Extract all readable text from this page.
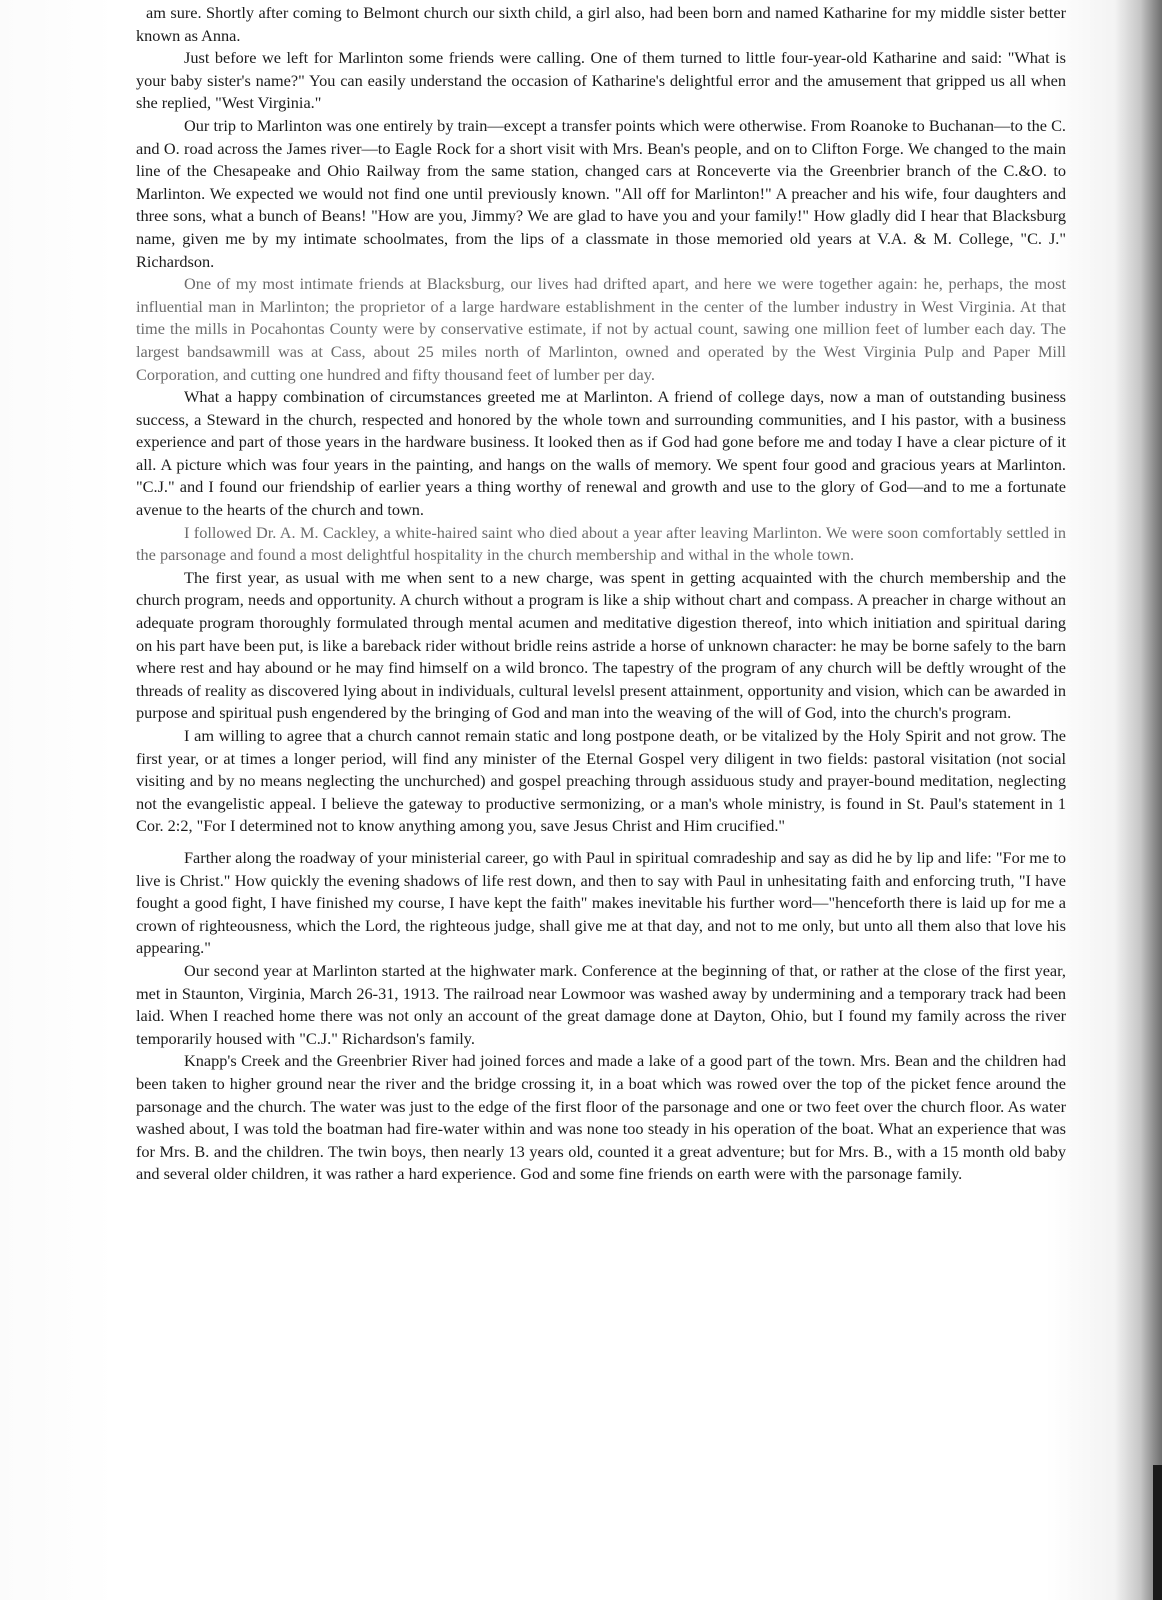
am sure. Shortly after coming to Belmont church our sixth child, a girl also, had been born and named Katharine for my middle sister better known as Anna.

Just before we left for Marlinton some friends were calling. One of them turned to little four-year-old Katharine and said: "What is your baby sister's name?" You can easily understand the occasion of Katharine's delightful error and the amusement that gripped us all when she replied, "West Virginia."

Our trip to Marlinton was one entirely by train—except a transfer points which were otherwise. From Roanoke to Buchanan—to the C. and O. road across the James river—to Eagle Rock for a short visit with Mrs. Bean's people, and on to Clifton Forge. We changed to the main line of the Chesapeake and Ohio Railway from the same station, changed cars at Ronceverte via the Greenbrier branch of the C.&O. to Marlinton. We expected we would not find one until previously known. "All off for Marlinton!" A preacher and his wife, four daughters and three sons, what a bunch of Beans! "How are you, Jimmy? We are glad to have you and your family!" How gladly did I hear that Blacksburg name, given me by my intimate schoolmates, from the lips of a classmate in those memoried old years at V.A. & M. College, "C. J." Richardson.

One of my most intimate friends at Blacksburg, our lives had drifted apart, and here we were together again: he, perhaps, the most influential man in Marlinton; the proprietor of a large hardware establishment in the center of the lumber industry in West Virginia. At that time the mills in Pocahontas County were by conservative estimate, if not by actual count, sawing one million feet of lumber each day. The largest bandsawmill was at Cass, about 25 miles north of Marlinton, owned and operated by the West Virginia Pulp and Paper Mill Corporation, and cutting one hundred and fifty thousand feet of lumber per day.

What a happy combination of circumstances greeted me at Marlinton. A friend of college days, now a man of outstanding business success, a Steward in the church, respected and honored by the whole town and surrounding communities, and I his pastor, with a business experience and part of those years in the hardware business. It looked then as if God had gone before me and today I have a clear picture of it all. A picture which was four years in the painting, and hangs on the walls of memory. We spent four good and gracious years at Marlinton. "C.J." and I found our friendship of earlier years a thing worthy of renewal and growth and use to the glory of God—and to me a fortunate avenue to the hearts of the church and town.

I followed Dr. A. M. Cackley, a white-haired saint who died about a year after leaving Marlinton. We were soon comfortably settled in the parsonage and found a most delightful hospitality in the church membership and withal in the whole town.

The first year, as usual with me when sent to a new charge, was spent in getting acquainted with the church membership and the church program, needs and opportunity. A church without a program is like a ship without chart and compass. A preacher in charge without an adequate program thoroughly formulated through mental acumen and meditative digestion thereof, into which initiation and spiritual daring on his part have been put, is like a bareback rider without bridle reins astride a horse of unknown character: he may be borne safely to the barn where rest and hay abound or he may find himself on a wild bronco. The tapestry of the program of any church will be deftly wrought of the threads of reality as discovered lying about in individuals, cultural levelsl present attainment, opportunity and vision, which can be awarded in purpose and spiritual push engendered by the bringing of God and man into the weaving of the will of God, into the church's program.

I am willing to agree that a church cannot remain static and long postpone death, or be vitalized by the Holy Spirit and not grow. The first year, or at times a longer period, will find any minister of the Eternal Gospel very diligent in two fields: pastoral visitation (not social visiting and by no means neglecting the unchurched) and gospel preaching through assiduous study and prayer-bound meditation, neglecting not the evangelistic appeal. I believe the gateway to productive sermonizing, or a man's whole ministry, is found in St. Paul's statement in 1 Cor. 2:2, "For I determined not to know anything among you, save Jesus Christ and Him crucified."

Farther along the roadway of your ministerial career, go with Paul in spiritual comradeship and say as did he by lip and life: "For me to live is Christ." How quickly the evening shadows of life rest down, and then to say with Paul in unhesitating faith and enforcing truth, "I have fought a good fight, I have finished my course, I have kept the faith" makes inevitable his further word—"henceforth there is laid up for me a crown of righteousness, which the Lord, the righteous judge, shall give me at that day, and not to me only, but unto all them also that love his appearing."

Our second year at Marlinton started at the highwater mark. Conference at the beginning of that, or rather at the close of the first year, met in Staunton, Virginia, March 26-31, 1913. The railroad near Lowmoor was washed away by undermining and a temporary track had been laid. When I reached home there was not only an account of the great damage done at Dayton, Ohio, but I found my family across the river temporarily housed with "C.J." Richardson's family.

Knapp's Creek and the Greenbrier River had joined forces and made a lake of a good part of the town. Mrs. Bean and the children had been taken to higher ground near the river and the bridge crossing it, in a boat which was rowed over the top of the picket fence around the parsonage and the church. The water was just to the edge of the first floor of the parsonage and one or two feet over the church floor. As water washed about, I was told the boatman had fire-water within and was none too steady in his operation of the boat. What an experience that was for Mrs. B. and the children. The twin boys, then nearly 13 years old, counted it a great adventure; but for Mrs. B., with a 15 month old baby and several older children, it was rather a hard experience. God and some fine friends on earth were with the parsonage family.
